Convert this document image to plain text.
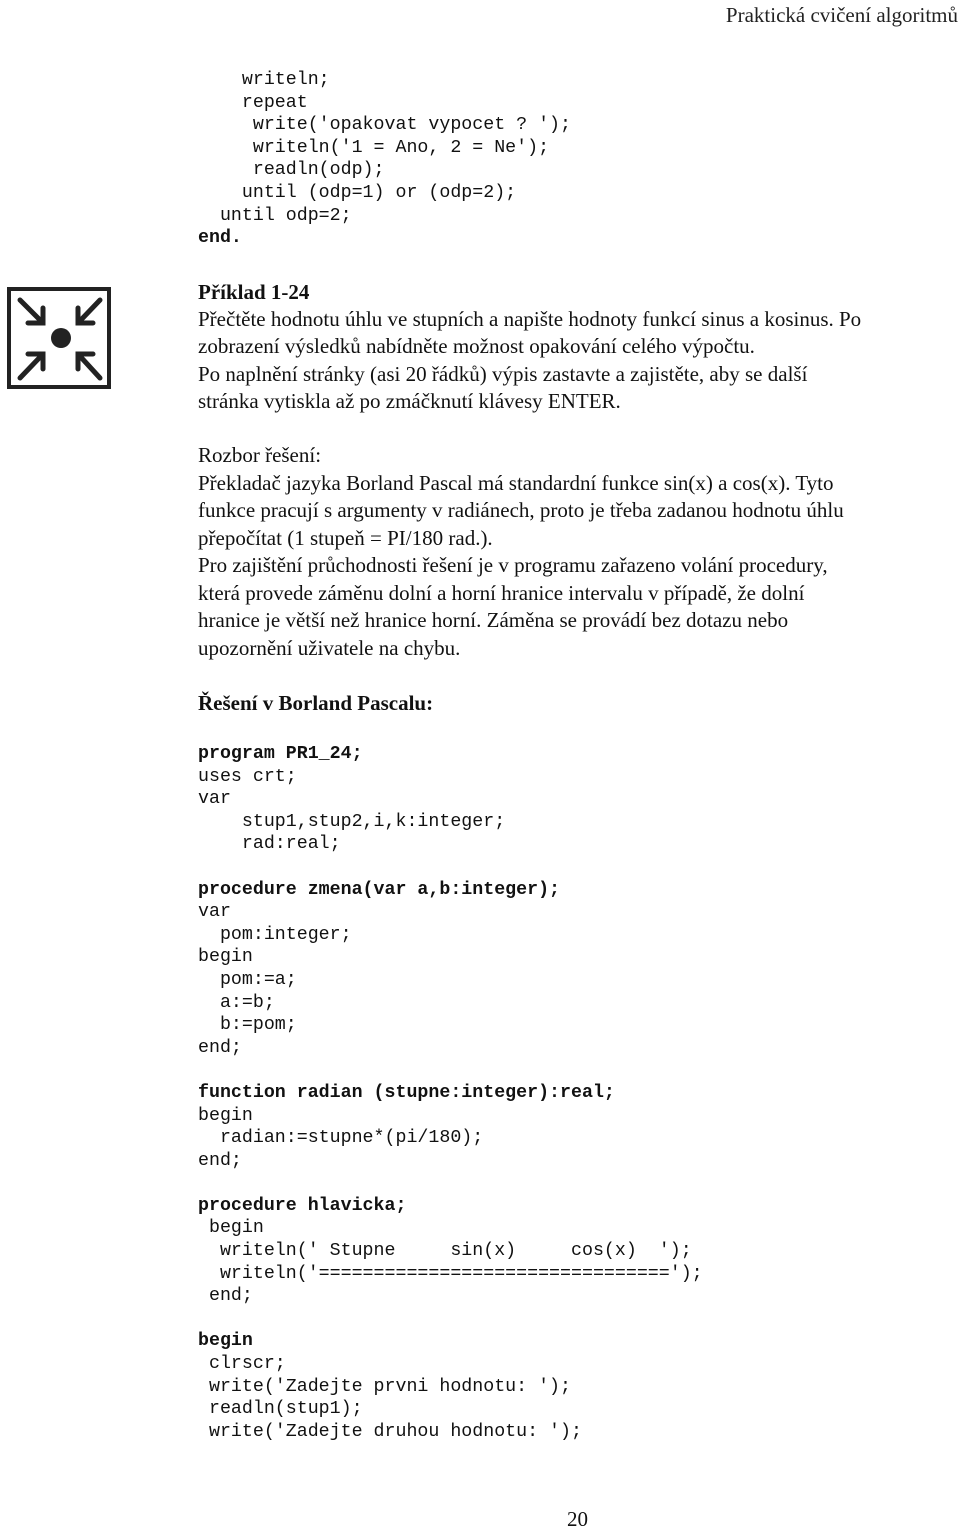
Praktická cvičení algoritmů
writeln;
repeat
write('opakovat vypocet ? ');
writeln('1 = Ano, 2 = Ne');
readln(odp);
until (odp=1) or (odp=2);
until odp=2;
end.
Příklad 1-24
Přečtěte hodnotu úhlu ve stupních a napište hodnoty funkcí sinus a kosinus. Po
zobrazení výsledků nabídněte možnost opakování celého výpočtu.
Po naplnění stránky (asi 20 řádků) výpis zastavte a zajistěte, aby se další
stránka vytiskla až po zmáčknutí klávesy ENTER.
Rozbor řešení:
Překladač jazyka Borland Pascal má standardní funkce sin(x) a cos(x). Tyto
funkce pracují s argumenty v radiánech, proto je třeba zadanou hodnotu úhlu
přepočítat (1 stupeň = PI/180 rad.).
Pro zajištění průchodnosti řešení je v programu zařazeno volání procedury,
která provede záměnu dolní a horní hranice intervalu v případě, že dolní
hranice je větší než hranice horní. Záměna se provádí bez dotazu nebo
upozornění uživatele na chybu.
Řešení v Borland Pascalu:
program PR1_24;
uses crt;
var
stup1,stup2,i,k:integer;
rad:real;
procedure zmena(var a,b:integer);
var
pom:integer;
begin
pom:=a;
a:=b;
b:=pom;
end;
function radian (stupne:integer):real;
begin
radian:=stupne*(pi/180);
end;
procedure hlavicka;
begin
writeln(' Stupne     sin(x)     cos(x)  ');
writeln('================================');
end;
begin
clrscr;
write('Zadejte prvni hodnotu: ');
readln(stup1);
write('Zadejte druhou hodnotu: ');
20
